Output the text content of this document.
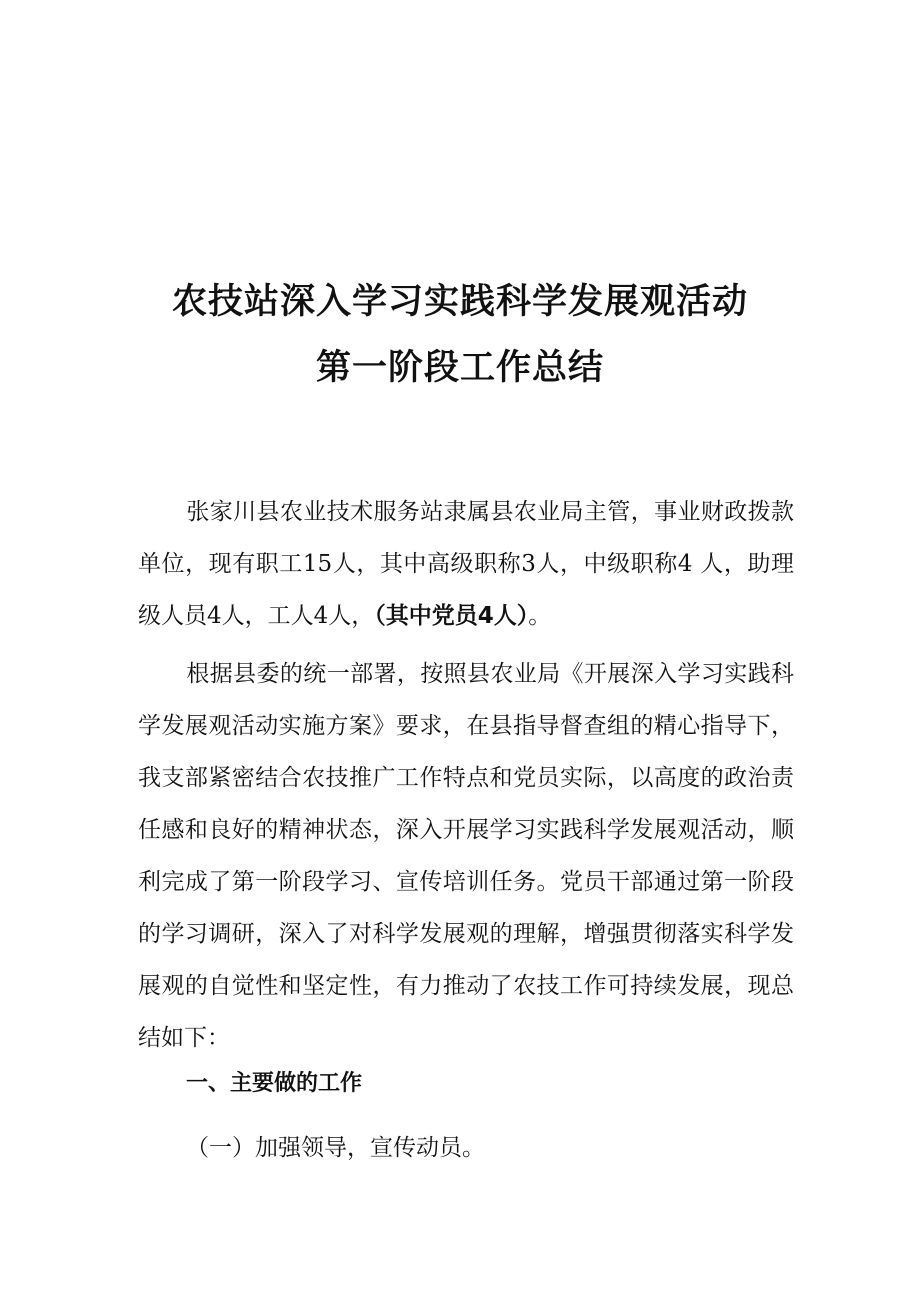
农技站深入学习实践科学发展观活动
第一阶段工作总结

张家川县农业技术服务站隶属县农业局主管，事业财政拨款单位，现有职工15人，其中高级职称3人，中级职称4 人，助理级人员4人，工人4人，（其中党员4人）。

根据县委的统一部署，按照县农业局《开展深入学习实践科学发展观活动实施方案》要求，在县指导督查组的精心指导下，我支部紧密结合农技推广工作特点和党员实际，以高度的政治责任感和良好的精神状态，深入开展学习实践科学发展观活动，顺利完成了第一阶段学习、宣传培训任务。党员干部通过第一阶段的学习调研，深入了对科学发展观的理解，增强贯彻落实科学发展观的自觉性和坚定性，有力推动了农技工作可持续发展，现总结如下：

一、主要做的工作

（一）加强领导，宣传动员。
